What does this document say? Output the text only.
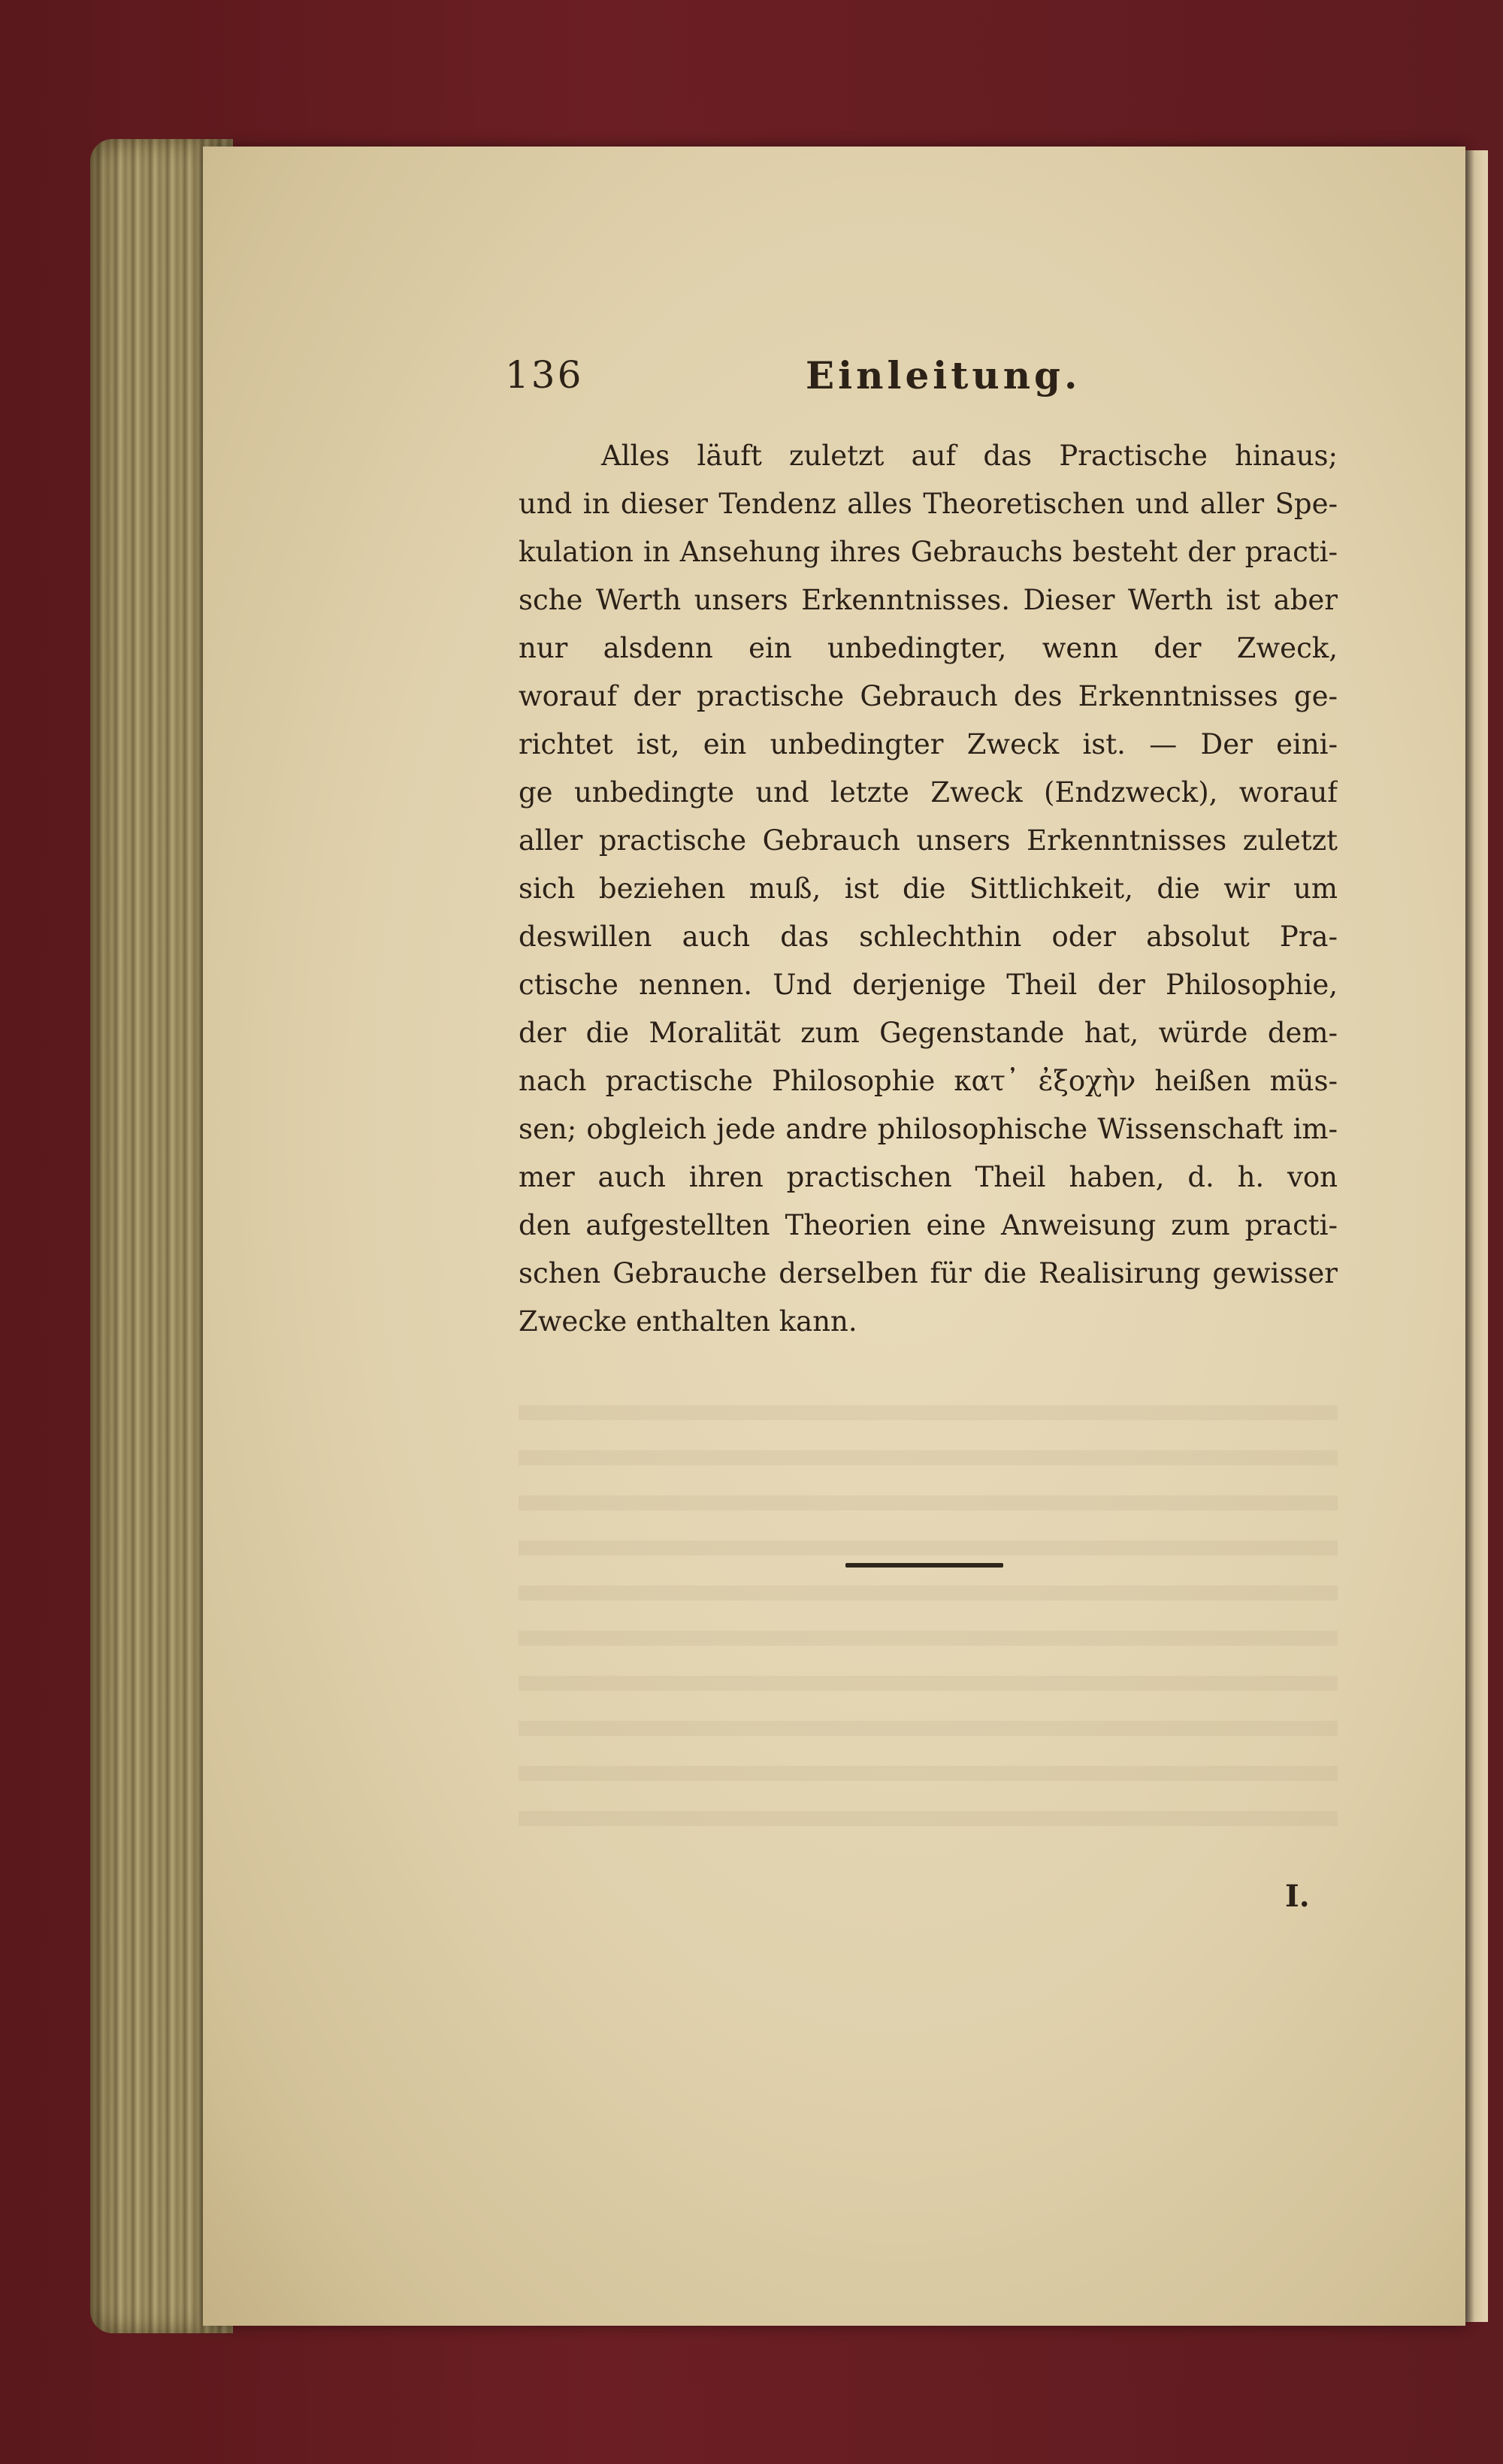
136	Einleitung.
Alles läuft zuletzt auf das Practische hinaus;
und in dieser Tendenz alles Theoretischen und aller Spe-
kulation in Ansehung ihres Gebrauchs besteht der practi-
sche Werth unsers Erkenntnisses. Dieser Werth ist aber
nur alsdenn ein unbedingter, wenn der Zweck,
worauf der practische Gebrauch des Erkenntnisses ge-
richtet ist, ein unbedingter Zweck ist. — Der eini-
ge unbedingte und letzte Zweck (Endzweck), worauf
aller practische Gebrauch unsers Erkenntnisses zuletzt
sich beziehen muß, ist die Sittlichkeit, die wir um
deswillen auch das schlechthin oder absolut Pra-
ctische nennen. Und derjenige Theil der Philosophie,
der die Moralität zum Gegenstande hat, würde dem-
nach practische Philosophie κατ᾽ ἐξοχὴν heißen müs-
sen; obgleich jede andre philosophische Wissenschaft im-
mer auch ihren practischen Theil haben, d. h. von
den aufgestellten Theorien eine Anweisung zum practi-
schen Gebrauche derselben für die Realisirung gewisser
Zwecke enthalten kann.
I.
